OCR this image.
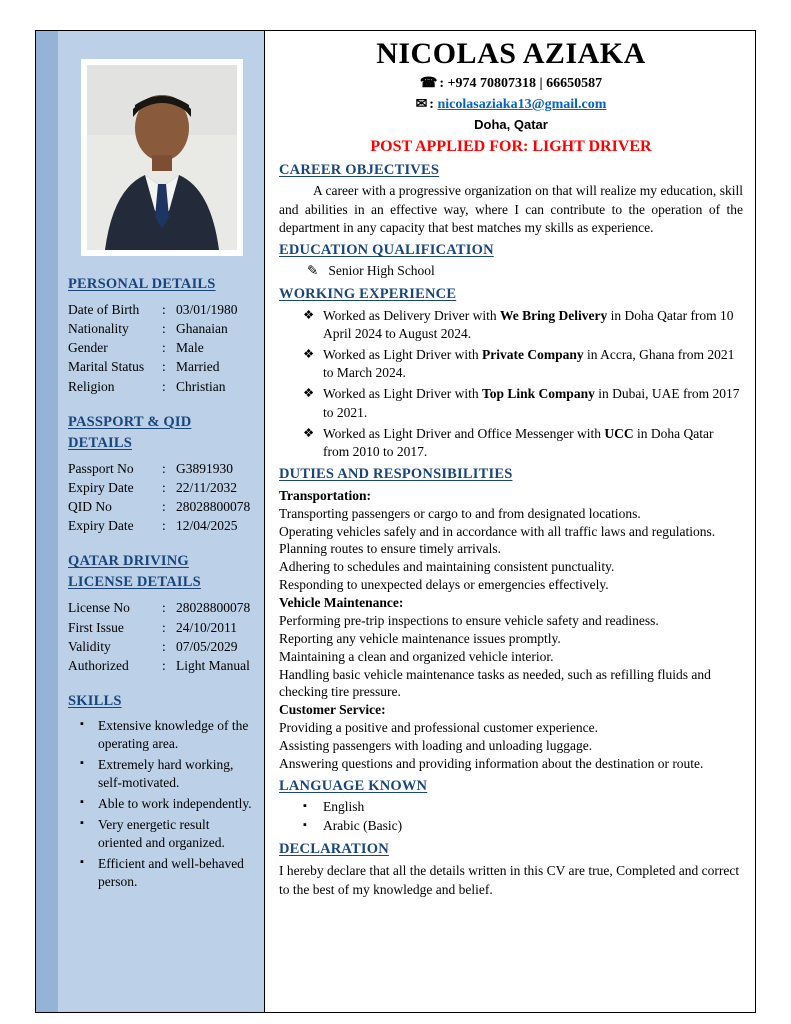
PERSONAL DETAILS
Date of Birth	: 03/01/1980
Nationality	: Ghanaian
Gender	: Male
Marital Status	: Married
Religion	: Christian
PASSPORT & QID DETAILS
Passport No	: G3891930
Expiry Date	: 22/11/2032
QID No	: 28028800078
Expiry Date	: 12/04/2025
QATAR DRIVING LICENSE DETAILS
License No	: 28028800078
First Issue	: 24/10/2011
Validity	: 07/05/2029
Authorized	: Light Manual
SKILLS
▪ Extensive knowledge of the operating area.
▪ Extremely hard working, self-motivated.
▪ Able to work independently.
▪ Very energetic result oriented and organized.
▪ Efficient and well-behaved person.
NICOLAS AZIAKA
☎ : +974 70807318 | 66650587
✉ : nicolasaziaka13@gmail.com
Doha, Qatar
POST APPLIED FOR: LIGHT DRIVER
CAREER OBJECTIVES

A career with a progressive organization on that will realize my education, skill and abilities in an effective way, where I can contribute to the operation of the department in any capacity that best matches my skills as experience.

EDUCATION QUALIFICATION
✎ Senior High School
WORKING EXPERIENCE
❖ Worked as Delivery Driver with We Bring Delivery in Doha Qatar from 10 April 2024 to August 2024.
❖ Worked as Light Driver with Private Company in Accra, Ghana from 2021 to March 2024.
❖ Worked as Light Driver with Top Link Company in Dubai, UAE from 2017 to 2021.
❖ Worked as Light Driver and Office Messenger with UCC in Doha Qatar from 2010 to 2017.
DUTIES AND RESPONSIBILITIES
Transportation:

Transporting passengers or cargo to and from designated locations.

Operating vehicles safely and in accordance with all traffic laws and regulations.

Planning routes to ensure timely arrivals.

Adhering to schedules and maintaining consistent punctuality.

Responding to unexpected delays or emergencies effectively.

Vehicle Maintenance:

Performing pre-trip inspections to ensure vehicle safety and readiness.

Reporting any vehicle maintenance issues promptly.

Maintaining a clean and organized vehicle interior.

Handling basic vehicle maintenance tasks as needed, such as refilling fluids and checking tire pressure.

Customer Service:

Providing a positive and professional customer experience.

Assisting passengers with loading and unloading luggage.

Answering questions and providing information about the destination or route.

LANGUAGE KNOWN
▪ English
▪ Arabic (Basic)
DECLARATION

I hereby declare that all the details written in this CV are true, Completed and correct to the best of my knowledge and belief.
